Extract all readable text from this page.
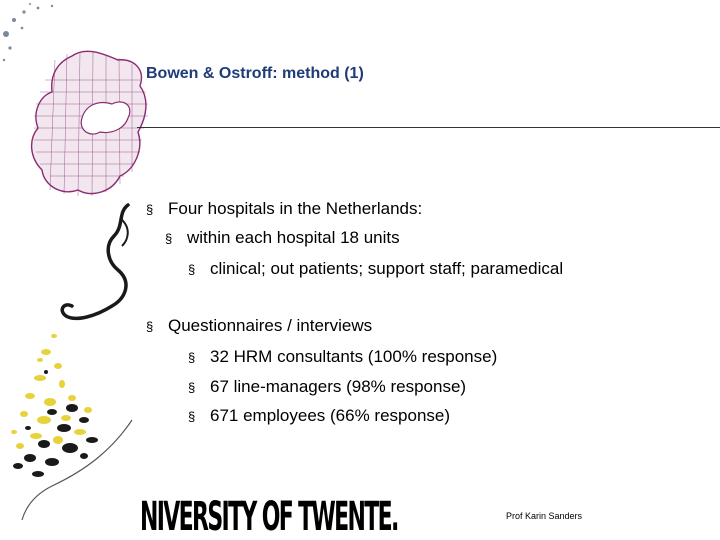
Bowen & Ostroff: method (1)
§ Four hospitals in the Netherlands:
§ within each hospital 18 units
§ clinical; out patients; support staff; paramedical
§ Questionnaires / interviews
§ 32 HRM consultants (100% response)
§ 67 line-managers (98% response)
§ 671 employees (66% response)
NIVERSITY OF TWENTE.	Prof Karin Sanders
